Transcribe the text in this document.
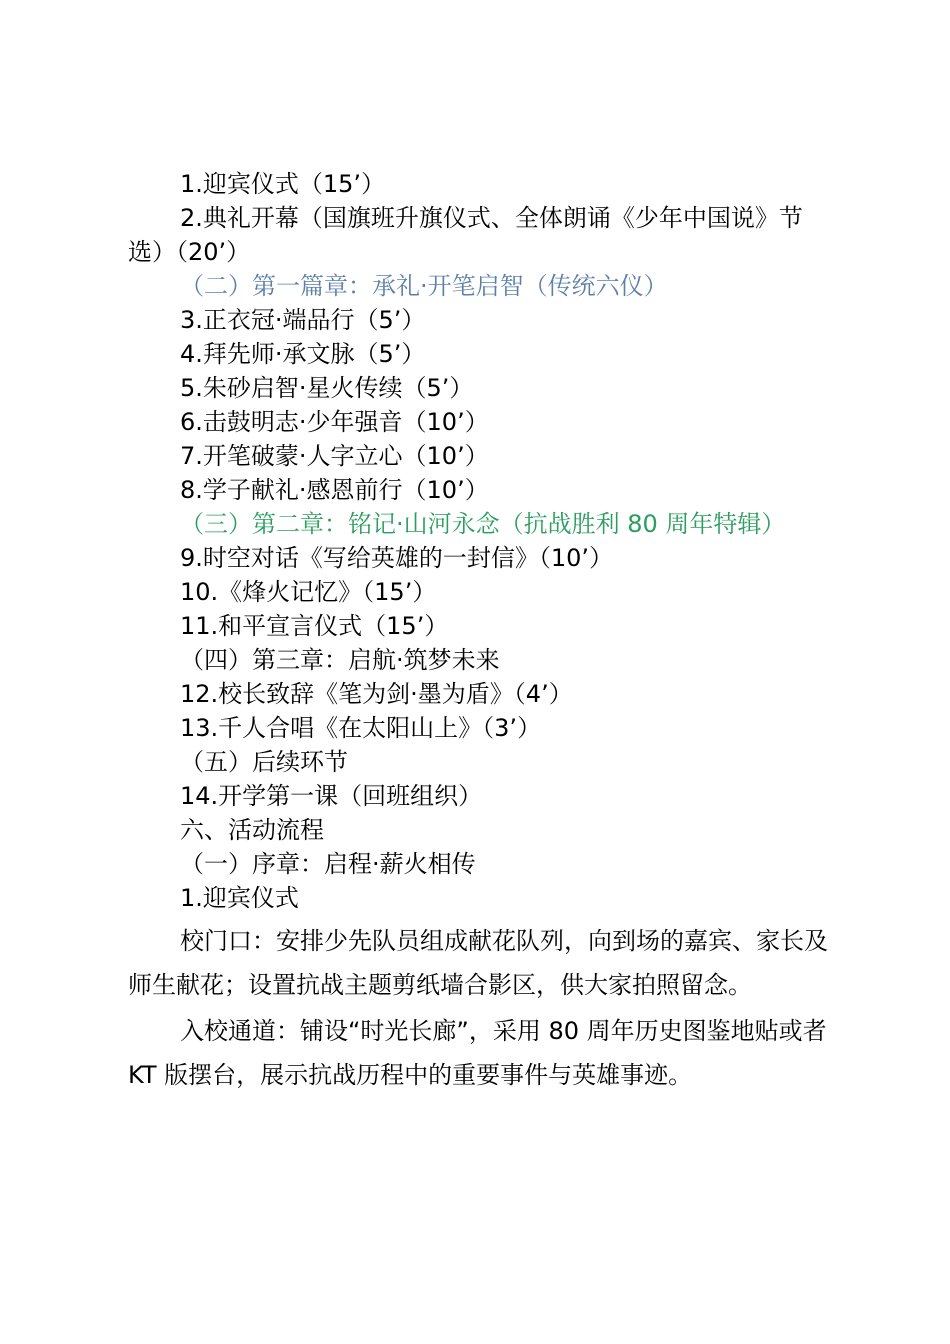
1.迎宾仪式（15’）
2.典礼开幕（国旗班升旗仪式、全体朗诵《少年中国说》节选）（20’）
（二）第一篇章：承礼·开笔启智（传统六仪）
3.正衣冠·端品行（5’）
4.拜先师·承文脉（5’）
5.朱砂启智·星火传续（5’）
6.击鼓明志·少年强音（10’）
7.开笔破蒙·人字立心（10’）
8.学子献礼·感恩前行（10’）
（三）第二章：铭记·山河永念（抗战胜利 80 周年特辑）
9.时空对话《写给英雄的一封信》（10’）
10.《烽火记忆》（15’）
11.和平宣言仪式（15’）
（四）第三章：启航·筑梦未来
12.校长致辞《笔为剑·墨为盾》（4’）
13.千人合唱《在太阳山上》（3’）
（五）后续环节
14.开学第一课（回班组织）
六、活动流程
（一）序章：启程·薪火相传
1.迎宾仪式
校门口：安排少先队员组成献花队列，向到场的嘉宾、家长及师生献花；设置抗战主题剪纸墙合影区，供大家拍照留念。
入校通道：铺设“时光长廊”，采用 80 周年历史图鉴地贴或者 KT 版摆台，展示抗战历程中的重要事件与英雄事迹。
